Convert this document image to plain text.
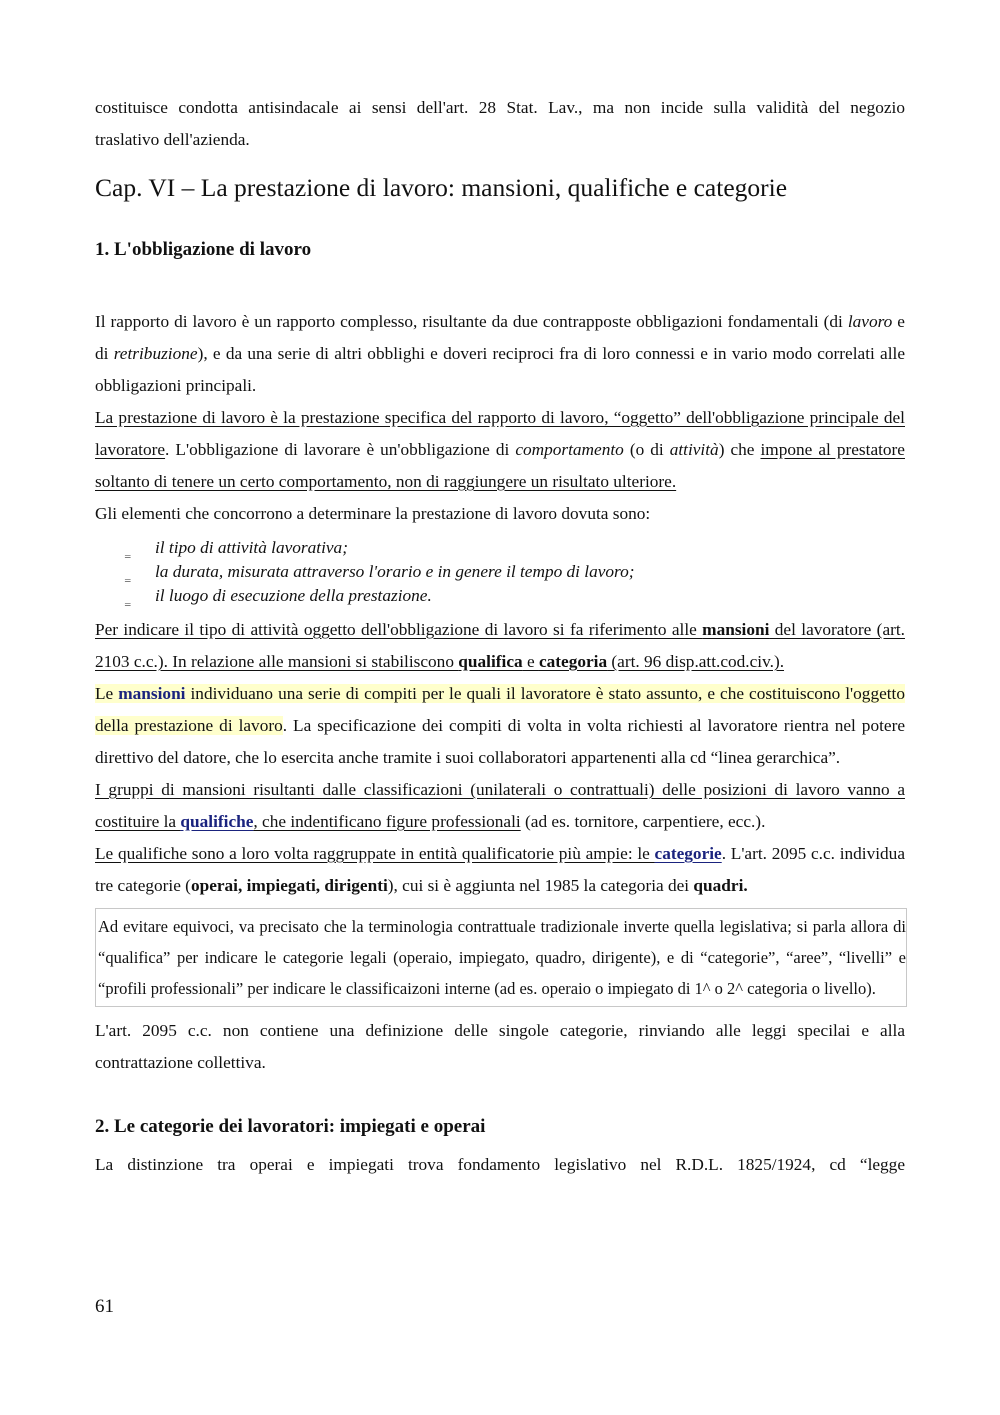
costituisce condotta antisindacale ai sensi dell'art. 28 Stat. Lav., ma non incide sulla validità del negozio

traslativo dell'azienda.

Cap. VI – La prestazione di lavoro: mansioni, qualifiche e categorie
1. L'obbligazione di lavoro

Il rapporto di lavoro è un rapporto complesso, risultante da due contrapposte obbligazioni fondamentali (di lavoro e di retribuzione), e da una serie di altri obblighi e doveri reciproci fra di loro connessi e in vario modo correlati alle obbligazioni principali.

La prestazione di lavoro è la prestazione specifica del rapporto di lavoro, “oggetto” dell'obbligazione principale del lavoratore. L'obbligazione di lavorare è un'obbligazione di comportamento (o di attività) che impone al prestatore soltanto di tenere un certo comportamento, non di raggiungere un risultato ulteriore.

Gli elementi che concorrono a determinare la prestazione di lavoro dovuta sono:

‗ il tipo di attività lavorativa;
‗ la durata, misurata attraverso l'orario e in genere il tempo di lavoro;
‗ il luogo di esecuzione della prestazione.

Per indicare il tipo di attività oggetto dell'obbligazione di lavoro si fa riferimento alle mansioni del lavoratore (art. 2103 c.c.). In relazione alle mansioni si stabiliscono qualifica e categoria (art. 96 disp.att.cod.civ.).

Le mansioni individuano una serie di compiti per le quali il lavoratore è stato assunto, e che costituiscono l'oggetto della prestazione di lavoro. La specificazione dei compiti di volta in volta richiesti al lavoratore rientra nel potere direttivo del datore, che lo esercita anche tramite i suoi collaboratori appartenenti alla cd “linea gerarchica”.

I gruppi di mansioni risultanti dalle classificazioni (unilaterali o contrattuali) delle posizioni di lavoro vanno a costituire la qualifiche, che indentificano figure professionali (ad es. tornitore, carpentiere, ecc.).

Le qualifiche sono a loro volta raggruppate in entità qualificatorie più ampie: le categorie. L'art. 2095 c.c. individua tre categorie (operai, impiegati, dirigenti), cui si è aggiunta nel 1985 la categoria dei quadri.

Ad evitare equivoci, va precisato che la terminologia contrattuale tradizionale inverte quella legislativa; si parla allora di “qualifica” per indicare le categorie legali (operaio, impiegato, quadro, dirigente), e di “categorie”, “aree”, “livelli” e “profili professionali” per indicare le classificaizoni interne (ad es. operaio o impiegato di 1^ o 2^ categoria o livello).

L'art. 2095 c.c. non contiene una definizione delle singole categorie, rinviando alle leggi specilai e alla contrattazione collettiva.

2. Le categorie dei lavoratori: impiegati e operai

La distinzione tra operai e impiegati trova fondamento legislativo nel R.D.L. 1825/1924, cd “legge

61
